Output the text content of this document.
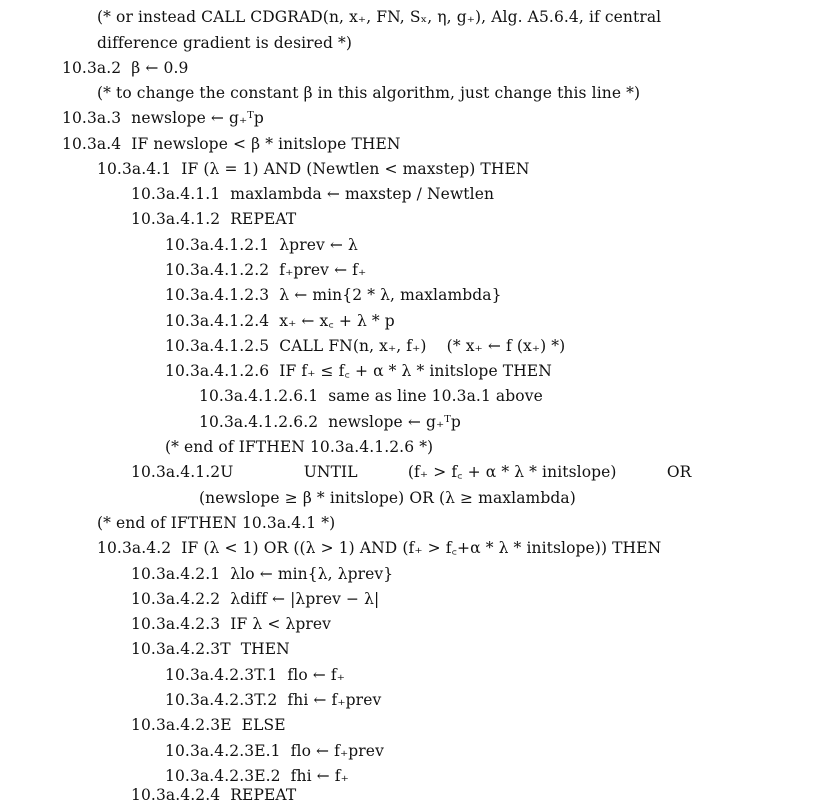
(* or instead CALL CDGRAD(n, x₊, FN, Sₓ, η, g₊), Alg. A5.6.4, if central
difference gradient is desired *)
10.3a.2  β ← 0.9
(* to change the constant β in this algorithm, just change this line *)
10.3a.3  newslope ← g₊ᵀp
10.3a.4  IF newslope < β * initslope THEN
10.3a.4.1  IF (λ = 1) AND (Newtlen < maxstep) THEN
10.3a.4.1.1  maxlambda ← maxstep / Newtlen
10.3a.4.1.2  REPEAT
10.3a.4.1.2.1  λprev ← λ
10.3a.4.1.2.2  f₊prev ← f₊
10.3a.4.1.2.3  λ ← min{2 * λ, maxlambda}
10.3a.4.1.2.4  x₊ ← x꜀ + λ * p
10.3a.4.1.2.5  CALL FN(n, x₊, f₊)    (* x₊ ← f (x₊) *)
10.3a.4.1.2.6  IF f₊ ≤ f꜀ + α * λ * initslope THEN
10.3a.4.1.2.6.1  same as line 10.3a.1 above
10.3a.4.1.2.6.2  newslope ← g₊ᵀp
(* end of IFTHEN 10.3a.4.1.2.6 *)
10.3a.4.1.2U              UNTIL          (f₊ > f꜀ + α * λ * initslope)          OR
(newslope ≥ β * initslope) OR (λ ≥ maxlambda)
(* end of IFTHEN 10.3a.4.1 *)
10.3a.4.2  IF (λ < 1) OR ((λ > 1) AND (f₊ > f꜀+α * λ * initslope)) THEN
10.3a.4.2.1  λlo ← min{λ, λprev}
10.3a.4.2.2  λdiff ← |λprev − λ|
10.3a.4.2.3  IF λ < λprev
10.3a.4.2.3T  THEN
10.3a.4.2.3T.1  flo ← f₊
10.3a.4.2.3T.2  fhi ← f₊prev
10.3a.4.2.3E  ELSE
10.3a.4.2.3E.1  flo ← f₊prev
10.3a.4.2.3E.2  fhi ← f₊
10.3a.4.2.4  REPEAT
